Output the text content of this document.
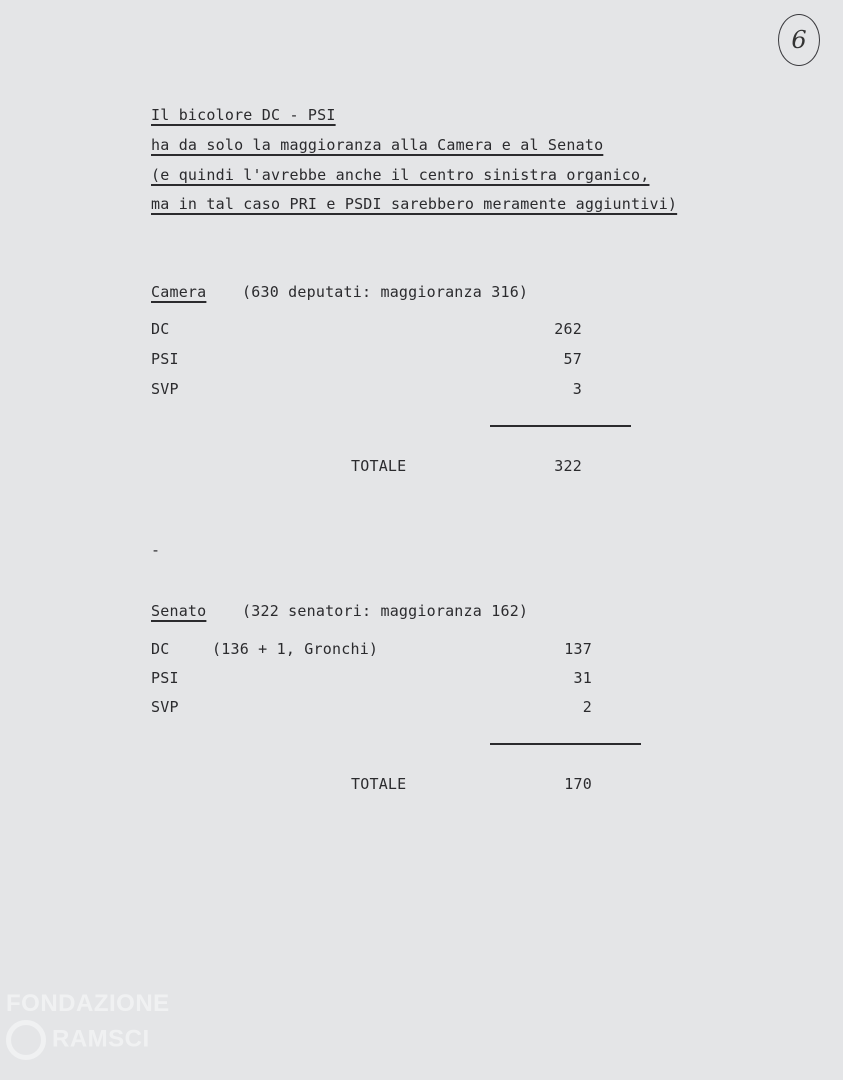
6
Il bicolore DC - PSI
ha da solo la maggioranza alla Camera e al Senato
(e quindi l'avrebbe anche il centro sinistra organico,
ma in tal caso PRI e PSDI sarebbero meramente aggiuntivi)
Camera (630 deputati: maggioranza 316)
DC	262
PSI	57
SVP	3
TOTALE	322
-
Senato (322 senatori: maggioranza 162)
DC	(136 + 1, Gronchi)	137
PSI	31
SVP	2
TOTALE	170
FONDAZIONE
RAMSCI
